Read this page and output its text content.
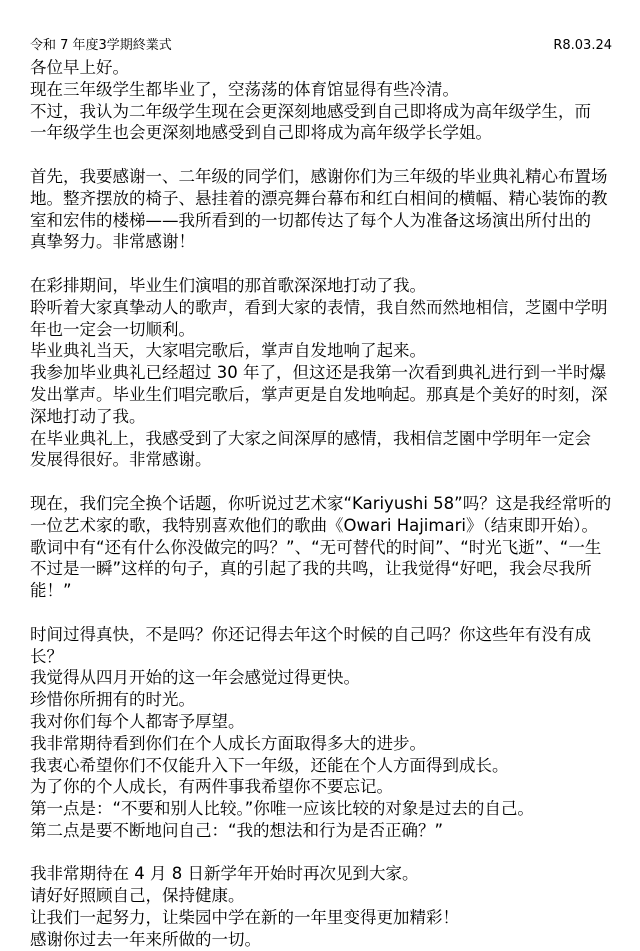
令和 7 年度3学期終業式	R8.03.24
各位早上好。
现在三年级学生都毕业了，空荡荡的体育馆显得有些冷清。
不过，我认为二年级学生现在会更深刻地感受到自己即将成为高年级学生，而
一年级学生也会更深刻地感受到自己即将成为高年级学长学姐。
首先，我要感谢一、二年级的同学们，感谢你们为三年级的毕业典礼精心布置场
地。整齐摆放的椅子、悬挂着的漂亮舞台幕布和红白相间的横幅、精心装饰的教
室和宏伟的楼梯——我所看到的一切都传达了每个人为准备这场演出所付出的
真挚努力。非常感谢！
在彩排期间，毕业生们演唱的那首歌深深地打动了我。
聆听着大家真挚动人的歌声，看到大家的表情，我自然而然地相信，芝園中学明
年也一定会一切顺利。
毕业典礼当天，大家唱完歌后，掌声自发地响了起来。
我参加毕业典礼已经超过 30 年了，但这还是我第一次看到典礼进行到一半时爆
发出掌声。毕业生们唱完歌后，掌声更是自发地响起。那真是个美好的时刻，深
深地打动了我。
在毕业典礼上，我感受到了大家之间深厚的感情，我相信芝園中学明年一定会
发展得很好。非常感谢。
现在，我们完全换个话题，你听说过艺术家“Kariyushi 58”吗？这是我经常听的
一位艺术家的歌，我特别喜欢他们的歌曲《Owari Hajimari》（结束即开始）。
歌词中有“还有什么你没做完的吗？”、“无可替代的时间”、“时光飞逝”、“一生
不过是一瞬”这样的句子，真的引起了我的共鸣，让我觉得“好吧，我会尽我所
能！”
时间过得真快，不是吗？你还记得去年这个时候的自己吗？你这些年有没有成
长？
我觉得从四月开始的这一年会感觉过得更快。
珍惜你所拥有的时光。
我对你们每个人都寄予厚望。
我非常期待看到你们在个人成长方面取得多大的进步。
我衷心希望你们不仅能升入下一年级，还能在个人方面得到成长。
为了你的个人成长，有两件事我希望你不要忘记。
第一点是：“不要和别人比较。”你唯一应该比较的对象是过去的自己。
第二点是要不断地问自己：“我的想法和行为是否正确？”
我非常期待在 4 月 8 日新学年开始时再次见到大家。
请好好照顾自己，保持健康。
让我们一起努力，让柴园中学在新的一年里变得更加精彩！
感谢你过去一年来所做的一切。
